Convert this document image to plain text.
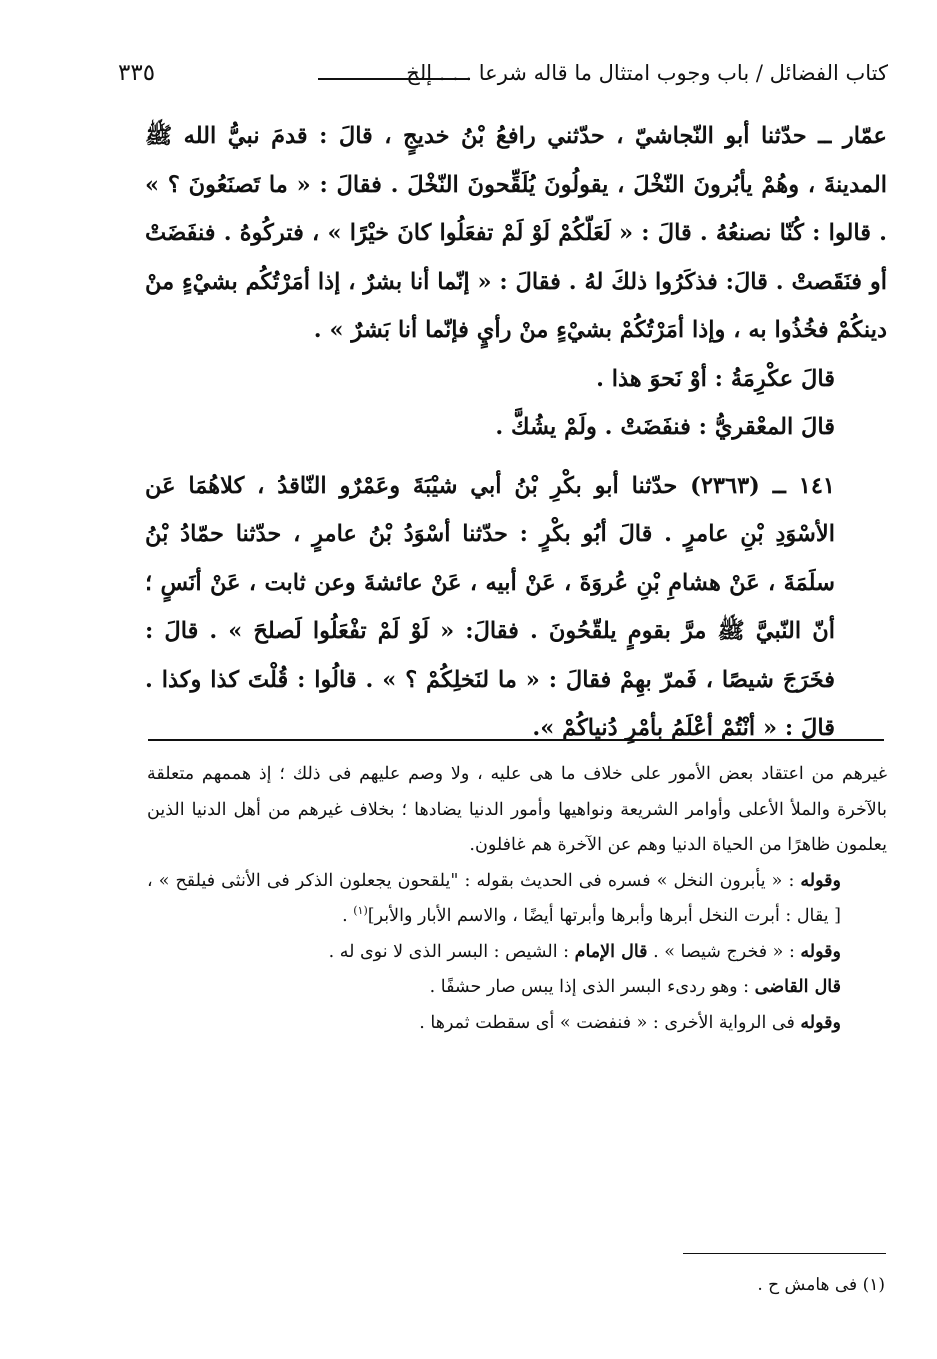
٣٣٥	كتاب الفضائل / باب وجوب امتثال ما قاله شرعا . . . إلخ

عمّار ــ حدّثنا أبو النّجاشيّ ، حدّثني رافعُ بْنُ خديجٍ ، قالَ : قدمَ نبيُّ الله ﷺ المدينةَ ، وهُمْ يأبُرونَ النّخْلَ ، يقولُونَ يُلَقِّحونَ النّخْلَ . فقالَ : « ما تَصنَعُونَ ؟ » . قالوا : كُنّا نصنعُهُ . قالَ : « لَعَلّكُمْ لَوْ لَمْ تفعَلُوا كانَ خيْرًا » ، فتركُوهُ . فنفَضَتْ أو فنَقَصتْ . قالَ: فذكَرُوا ذلكَ لهُ . فقالَ : « إنّما أنا بشرٌ ، إذا أمَرْتُكُم بشيْءٍ منْ دينكُمْ فخُذُوا به ، وإذا أمَرْتُكُمْ بشيْءٍ منْ رأيٍ فإنّما أنا بَشرٌ » .

قالَ عكْرِمَةُ : أوْ نَحوَ هذا .

قالَ المعْقريُّ : فنفَضَتْ . ولَمْ يشُكَّ .

١٤١ ــ (٢٣٦٣) حدّثنا أبو بكْرِ بْنُ أبي شيْبَةَ وعَمْرٌو النّاقدُ ، كلاهُمَا عَن الأسْوَدِ بْنِ عامرٍ . قالَ أبُو بكْرٍ : حدّثنا أسْوَدُ بْنُ عامرٍ ، حدّثنا حمّادُ بْنُ سلَمَةَ ، عَنْ هشامِ بْنِ عُروَةَ ، عَنْ أبيه ، عَنْ عائشةَ وعن ثابت ، عَنْ أنَسٍ ؛ أنّ النّبيَّ ﷺ مرَّ بقومٍ يلقّحُونَ . فقالَ: « لَوْ لَمْ تفْعَلُوا لَصلحَ » . قالَ : فخَرَجَ شيصًا ، فَمرّ بهِمْ فقالَ : « ما لنَخلِكُمْ ؟ » . قالُوا : قُلْتَ كذا وكذا . قالَ : « أنْتُمْ أعْلَمُ بأمْرِ دُنياكُمْ ».

غيرهم من اعتقاد بعض الأمور على خلاف ما هى عليه ، ولا وصم عليهم فى ذلك ؛ إذ هممهم متعلقة بالآخرة والملأ الأعلى وأوامر الشريعة ونواهيها وأمور الدنيا يضادها ؛ بخلاف غيرهم من أهل الدنيا الذين يعلمون ظاهرًا من الحياة الدنيا وهم عن الآخرة هم غافلون.

وقوله : « يأبرون النخل » فسره فى الحديث بقوله : "يلقحون يجعلون الذكر فى الأنثى فيلقح » ، [ يقال : أبرت النخل أبرها وأبرها وأبرتها أيضًا ، والاسم الأبار والأبر]$^{(١)}$ .

وقوله : « فخرج شيصا » . قال الإمام : الشيص : البسر الذى لا نوى له .

قال القاضى : وهو ردىء البسر الذى إذا يبس صار حشفًا .

وقوله فى الرواية الأخرى : « فنفضت » أى سقطت ثمرها .

(١) فى هامش ح .
